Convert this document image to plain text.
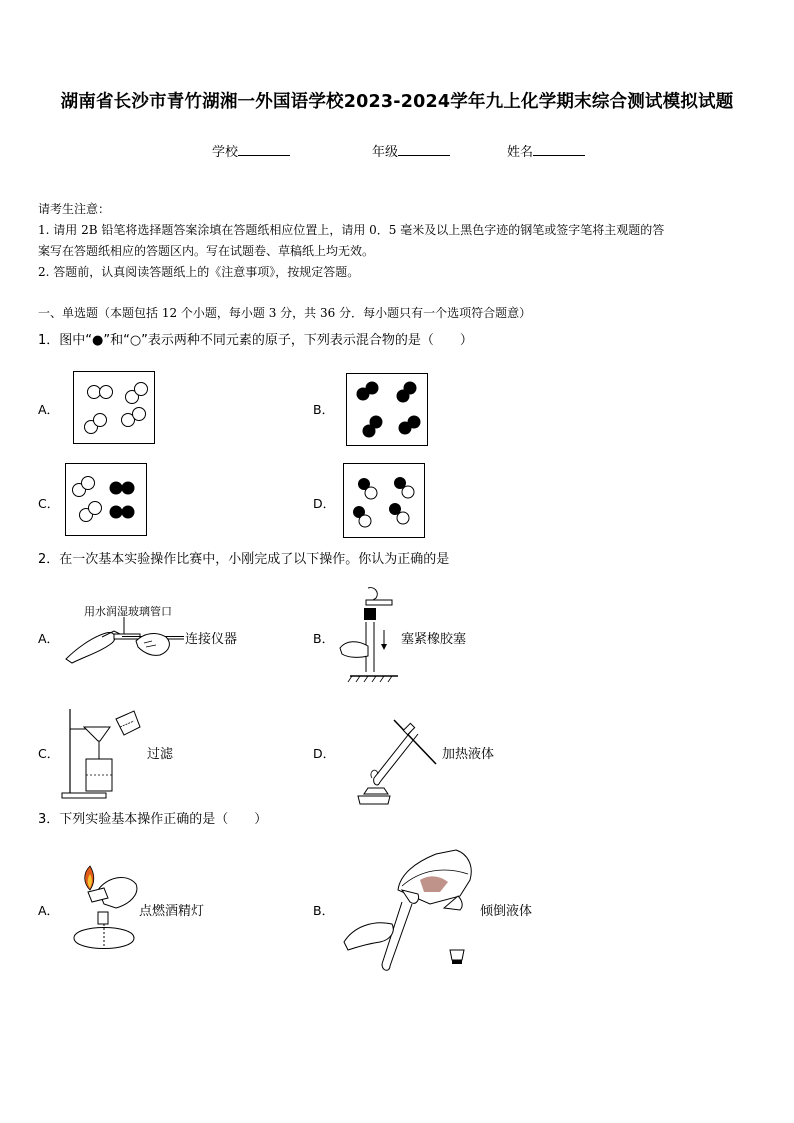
湖南省长沙市青竹湖湘一外国语学校2023-2024学年九上化学期末综合测试模拟试题
学校	年级	姓名
请考生注意：
1. 请用 2B 铅笔将选择题答案涂填在答题纸相应位置上，请用 0．5 毫米及以上黑色字迹的钢笔或签字笔将主观题的答
案写在答题纸相应的答题区内。写在试题卷、草稿纸上均无效。
2. 答题前，认真阅读答题纸上的《注意事项》，按规定答题。
一、单选题（本题包括 12 个小题，每小题 3 分，共 36 分．每小题只有一个选项符合题意）
1．图中“●”和“○”表示两种不同元素的原子，下列表示混合物的是（　　）
A．	B．
C．	D．
2．在一次基本实验操作比赛中，小刚完成了以下操作。你认为正确的是
A．
用水润湿玻璃管口
连接仪器	B．	塞紧橡胶塞
C．	过滤	D．	加热液体
3．下列实验基本操作正确的是（　　）
A．	点燃酒精灯	B．	倾倒液体
